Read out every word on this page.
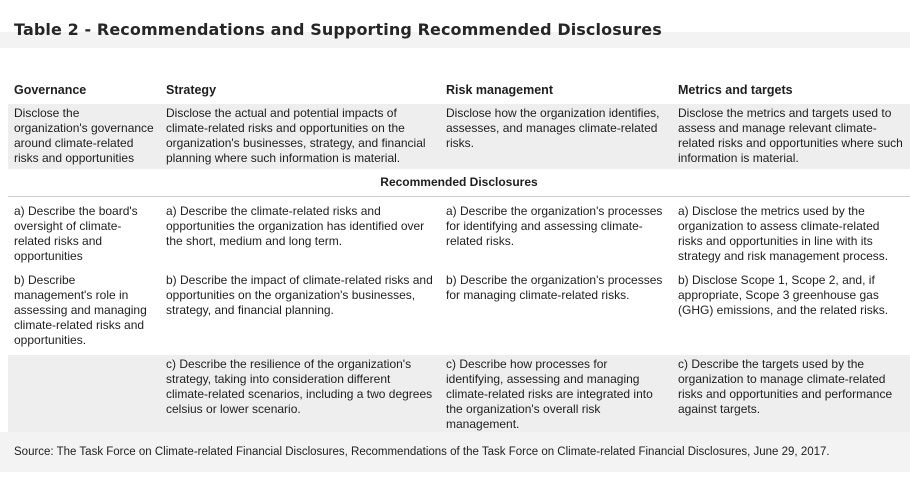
Table 2 - Recommendations and Supporting Recommended Disclosures
Governance	Strategy	Risk management	Metrics and targets
Disclose the organization's governance around climate-related risks and opportunities	Disclose the actual and potential impacts of climate-related risks and opportunities on the organization's businesses, strategy, and financial planning where such information is material.	Disclose how the organization identifies, assesses, and manages climate-related risks.	Disclose the metrics and targets used to assess and manage relevant climate-related risks and opportunities where such information is material.
Recommended Disclosures			

a) Describe the board's oversight of climate-related risks and opportunities	a) Describe the climate-related risks and opportunities the organization has identified over the short, medium and long term.	a) Describe the organization's processes for identifying and assessing climate-related risks.	a) Disclose the metrics used by the organization to assess climate-related risks and opportunities in line with its strategy and risk management process.
b) Describe management's role in assessing and managing climate-related risks and opportunities.	b) Describe the impact of climate-related risks and opportunities on the organization's businesses, strategy, and financial planning.	b) Describe the organization's processes for managing climate-related risks.	b) Disclose Scope 1, Scope 2, and, if appropriate, Scope 3 greenhouse gas (GHG) emissions, and the related risks.
	c) Describe the resilience of the organization's strategy, taking into consideration different climate-related scenarios, including a two degrees celsius or lower scenario.	c) Describe how processes for identifying, assessing and managing climate-related risks are integrated into the organization's overall risk management.	c) Describe the targets used by the organization to manage climate-related risks and opportunities and performance against targets.
Source: The Task Force on Climate-related Financial Disclosures, Recommendations of the Task Force on Climate-related Financial Disclosures, June 29, 2017.
